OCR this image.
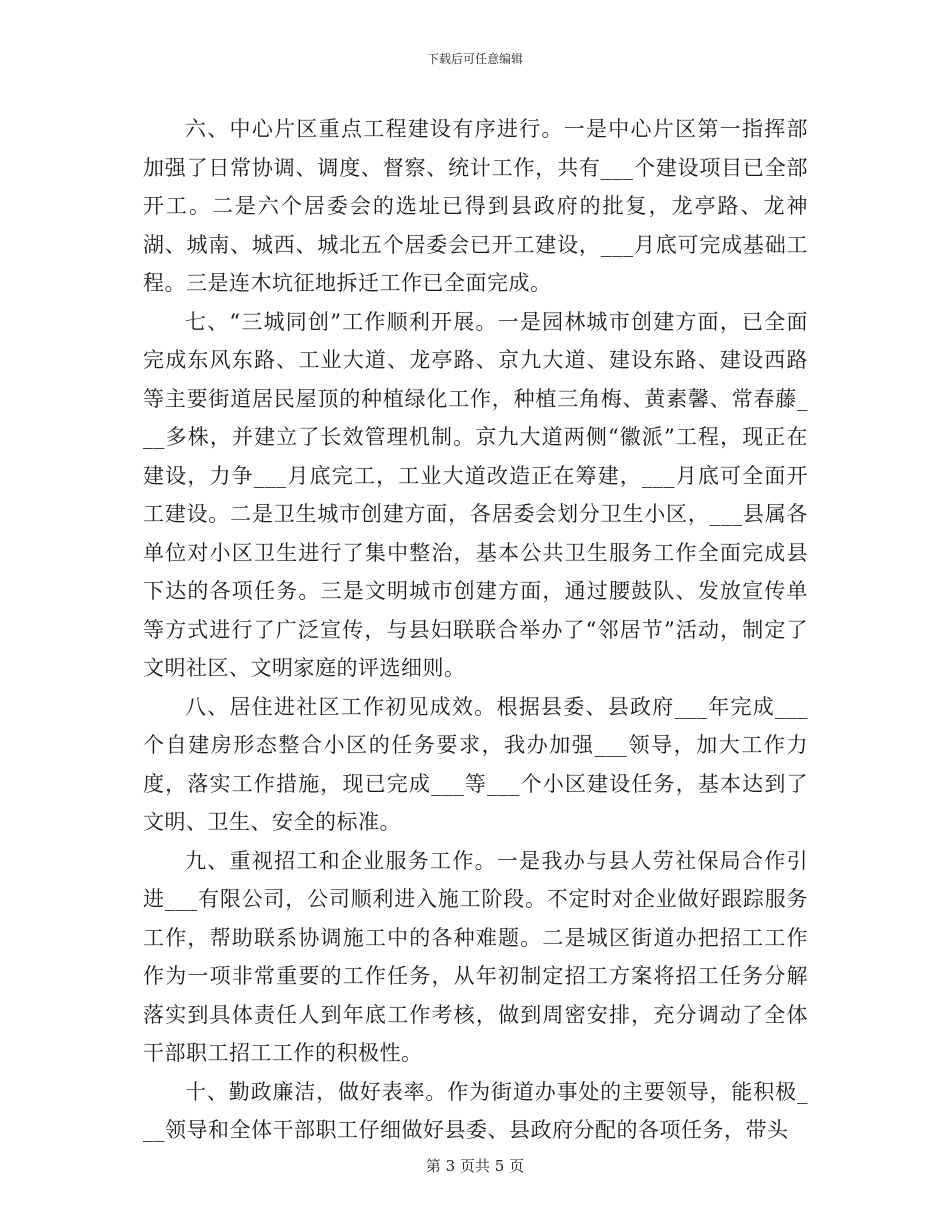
下载后可任意编辑

六、中心片区重点工程建设有序进行。一是中心片区第一指挥部加强了日常协调、调度、督察、统计工作，共有___个建设项目已全部开工。二是六个居委会的选址已得到县政府的批复，龙亭路、龙神湖、城南、城西、城北五个居委会已开工建设，___月底可完成基础工程。三是连木坑征地拆迁工作已全面完成。

七、“三城同创”工作顺利开展。一是园林城市创建方面，已全面完成东风东路、工业大道、龙亭路、京九大道、建设东路、建设西路等主要街道居民屋顶的种植绿化工作，种植三角梅、黄素馨、常春藤___多株，并建立了长效管理机制。京九大道两侧“徽派”工程，现正在建设，力争___月底完工，工业大道改造正在筹建，___月底可全面开工建设。二是卫生城市创建方面，各居委会划分卫生小区，___县属各单位对小区卫生进行了集中整治，基本公共卫生服务工作全面完成县下达的各项任务。三是文明城市创建方面，通过腰鼓队、发放宣传单等方式进行了广泛宣传，与县妇联联合举办了“邻居节”活动，制定了文明社区、文明家庭的评选细则。

八、居住进社区工作初见成效。根据县委、县政府___年完成___个自建房形态整合小区的任务要求，我办加强___领导，加大工作力度，落实工作措施，现已完成___等___个小区建设任务，基本达到了文明、卫生、安全的标准。

九、重视招工和企业服务工作。一是我办与县人劳社保局合作引进___有限公司，公司顺利进入施工阶段。不定时对企业做好跟踪服务工作，帮助联系协调施工中的各种难题。二是城区街道办把招工工作作为一项非常重要的工作任务，从年初制定招工方案将招工任务分解落实到具体责任人到年底工作考核，做到周密安排，充分调动了全体干部职工招工工作的积极性。

十、勤政廉洁，做好表率。作为街道办事处的主要领导，能积极___领导和全体干部职工仔细做好县委、县政府分配的各项任务，带头

第 3 页共 5 页
